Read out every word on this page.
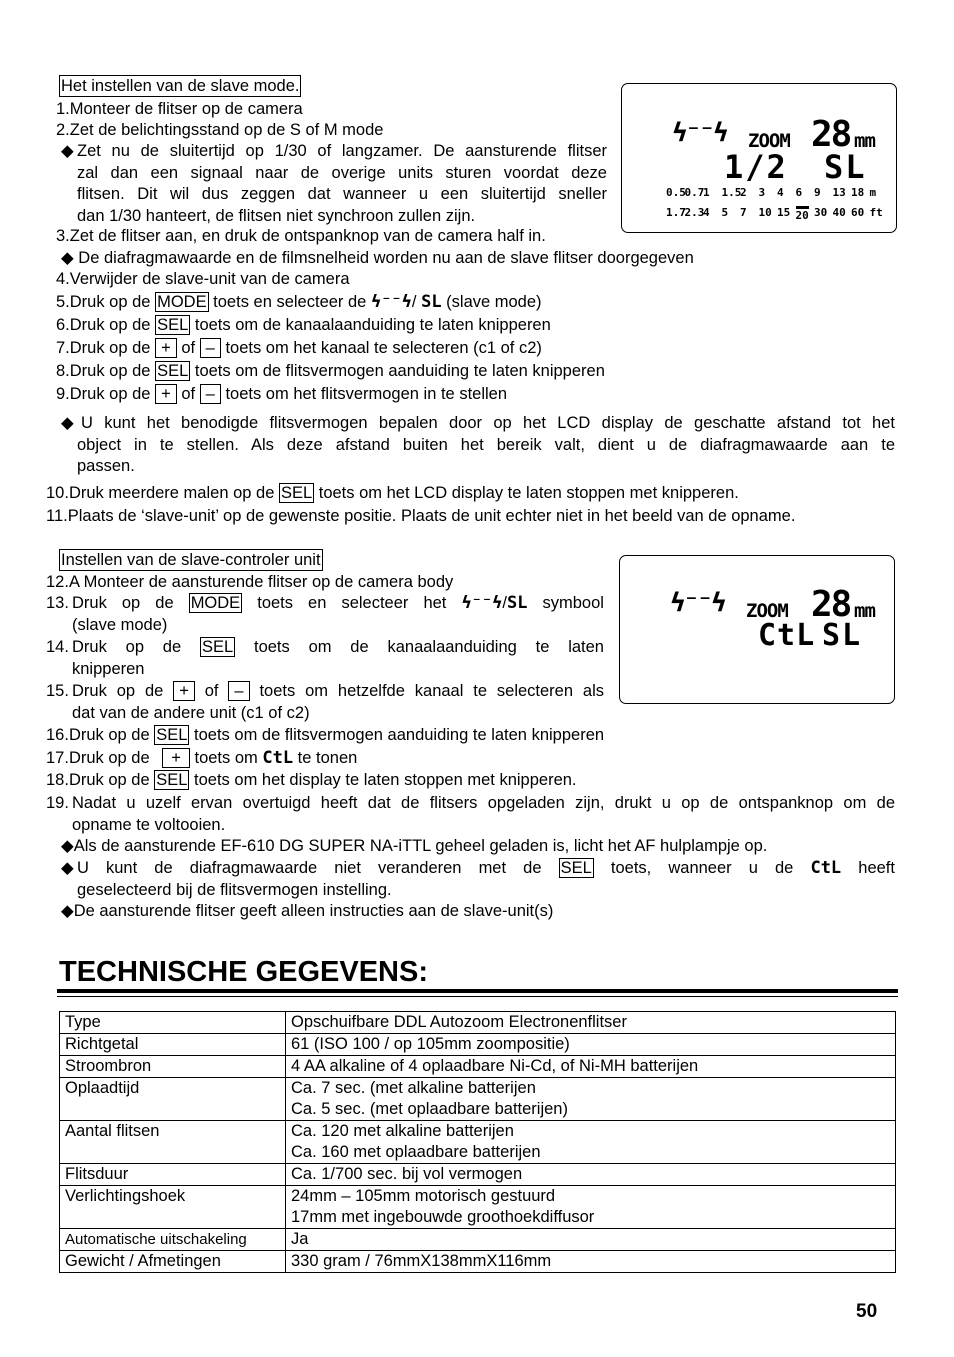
Het instellen van de slave mode.
1.Monteer de flitser op de camera
2.Zet de belichtingsstand op de S of M mode
◆ Zet nu de sluitertijd op 1/30 of langzamer. De aansturende flitser
zal dan een signaal naar de overige units sturen voordat deze
flitsen. Dit wil dus zeggen dat wanneer u een sluitertijd sneller
dan 1/30 hanteert, de flitsen niet synchroon zullen zijn.
3.Zet de flitser aan, en druk de ontspanknop van de camera half in.
◆ De diafragmawaarde en de filmsnelheid worden nu aan de slave flitser doorgegeven
4.Verwijder de slave-unit van de camera
5.Druk op de MODE toets en selecteer de ϟ⁻⁻ϟ/ SL (slave mode)
6.Druk op de SEL toets om de kanaalaanduiding te laten knipperen
7.Druk op de + of – toets om het kanaal te selecteren (c1 of c2)
8.Druk op de SEL toets om de flitsvermogen aanduiding te laten knipperen
9.Druk op de + of – toets om het flitsvermogen in te stellen
◆ U kunt het benodigde flitsvermogen bepalen door op het LCD display de geschatte afstand tot het
object in te stellen. Als deze afstand buiten het bereik valt, dient u de diafragmawaarde aan te
passen.
10.Druk meerdere malen op de SEL toets om het LCD display te laten stoppen met knipperen.
11.Plaats de ‘slave-unit’ op de gewenste positie. Plaats de unit echter niet in het beeld van de opname.
ϟ⁻⁻ϟ ZOOM 28 mm
1/2 SL
0.5
0.7
1 1.5
2 3 4 6 9 13 18 m
1.7
2.3
4 5 7 10 15 20 30 40 60 ft
Instellen van de slave-controler unit
12.A Monteer de aansturende flitser op de camera body
13. Druk op de MODE toets en selecteer het ϟ⁻⁻ϟ/SL symbool
(slave mode)
14. Druk op de SEL toets om de kanaalaanduiding te laten
knipperen
15. Druk op de + of – toets om hetzelfde kanaal te selecteren als
dat van de andere unit (c1 of c2)
16.Druk op de SEL toets om de flitsvermogen aanduiding te laten knipperen
17.Druk op de + toets om CtL te tonen
18.Druk op de SEL toets om het display te laten stoppen met knipperen.
19. Nadat u uzelf ervan overtuigd heeft dat de flitsers opgeladen zijn, drukt u op de ontspanknop om de
opname te voltooien.
◆Als de aansturende EF-610 DG SUPER NA-iTTL geheel geladen is, licht het AF hulplampje op.
◆ U kunt de diafragmawaarde niet veranderen met de SEL toets, wanneer u de CtL heeft
geselecteerd bij de flitsvermogen instelling.
◆De aansturende flitser geeft alleen instructies aan de slave-unit(s)
ϟ⁻⁻ϟ ZOOM 28 mm
CtL SL
TECHNISCHE GEGEVENS:
Type	Opschuifbare DDL Autozoom Electronenflitser

Richtgetal	61 (ISO 100 / op 105mm zoompositie)

Stroombron	4 AA alkaline of 4 oplaadbare Ni-Cd, of Ni-MH batterijen

Oplaadtijd	Ca. 7 sec. (met alkaline batterijen
Ca. 5 sec. (met oplaadbare batterijen)

Aantal flitsen	Ca. 120 met alkaline batterijen
Ca. 160 met oplaadbare batterijen

Flitsduur	Ca. 1/700 sec. bij vol vermogen

Verlichtingshoek	24mm – 105mm motorisch gestuurd
17mm met ingebouwde groothoekdiffusor

Automatische uitschakeling	Ja

Gewicht / Afmetingen	330 gram / 76mmX138mmX116mm
50
